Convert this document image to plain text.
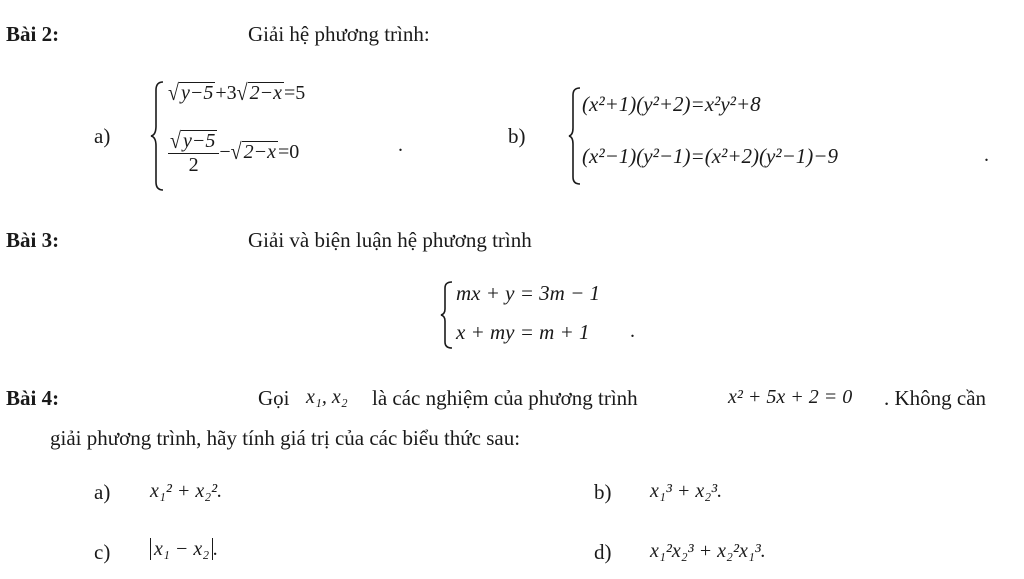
Bài 2:	Giải hệ phương trình:
a)
√ y−5 +3√ 2−x =5
$\frac{√ y-5}{2}$ −√ 2−x =0	.	b)
(x²+1)(y²+2)=x²y²+8
(x²−1)(y²−1)=(x²+2)(y²−1)−9	.
Bài 3:	Giải và biện luận hệ phương trình
mx + y = 3m − 1
x + my = m + 1 .
Bài 4:	Gọi x₁, x₂ là các nghiệm của phương trình	x² + 5x + 2 = 0 . Không cần
giải phương trình, hãy tính giá trị của các biểu thức sau:
a) x₁² + x₂².	b) x₁³ + x₂³.
c) x₁ − x₂ .	d) x₁²x₂³ + x₂²x₁³.
